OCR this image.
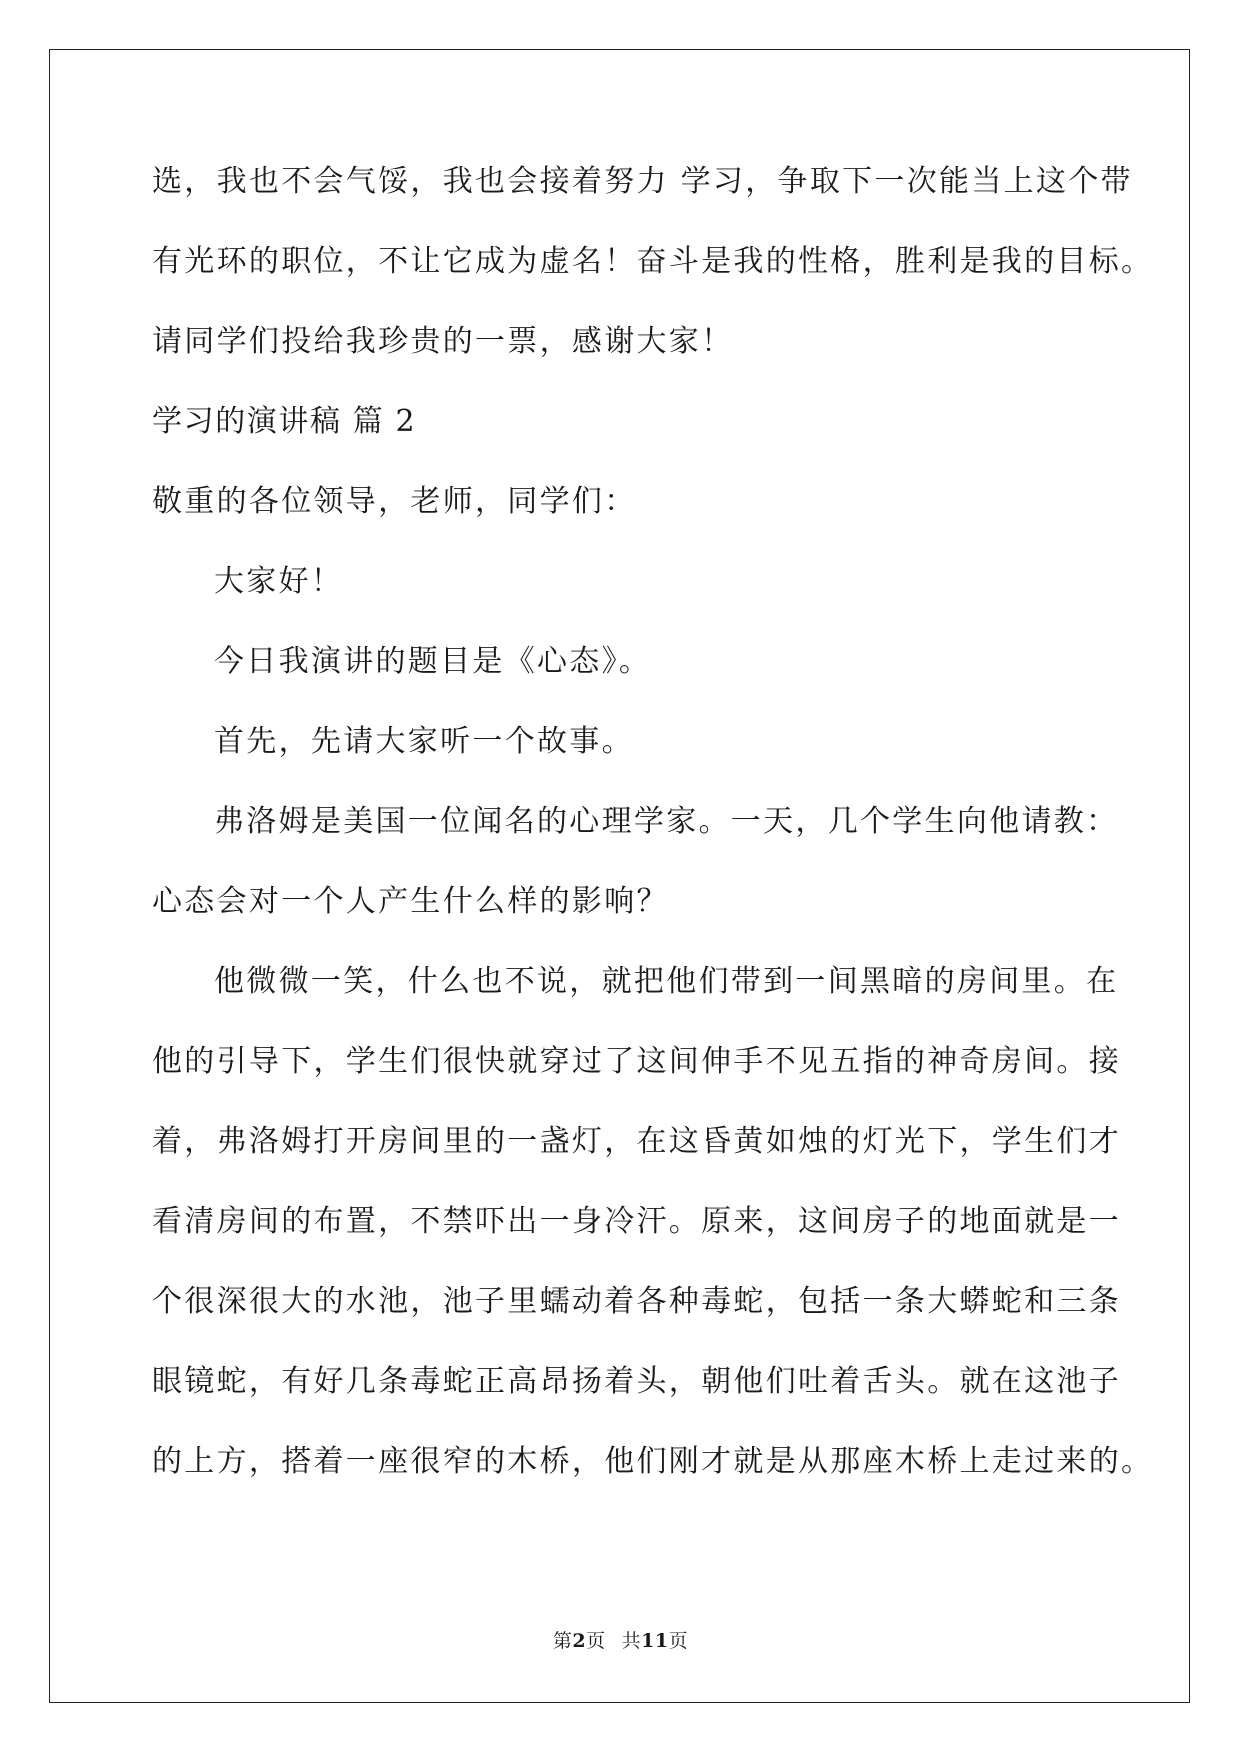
选，我也不会气馁，我也会接着努力 学习，争取下一次能当上这个带
有光环的职位，不让它成为虚名！奋斗是我的性格，胜利是我的目标。
请同学们投给我珍贵的一票，感谢大家！
学习的演讲稿 篇 2
敬重的各位领导，老师，同学们：
大家好！
今日我演讲的题目是《心态》。
首先，先请大家听一个故事。
弗洛姆是美国一位闻名的心理学家。一天，几个学生向他请教：
心态会对一个人产生什么样的影响？
他微微一笑，什么也不说，就把他们带到一间黑暗的房间里。在
他的引导下，学生们很快就穿过了这间伸手不见五指的神奇房间。接
着，弗洛姆打开房间里的一盏灯，在这昏黄如烛的灯光下，学生们才
看清房间的布置，不禁吓出一身冷汗。原来，这间房子的地面就是一
个很深很大的水池，池子里蠕动着各种毒蛇，包括一条大蟒蛇和三条
眼镜蛇，有好几条毒蛇正高昂扬着头，朝他们吐着舌头。就在这池子
的上方，搭着一座很窄的木桥，他们刚才就是从那座木桥上走过来的。
第2页 共11页
